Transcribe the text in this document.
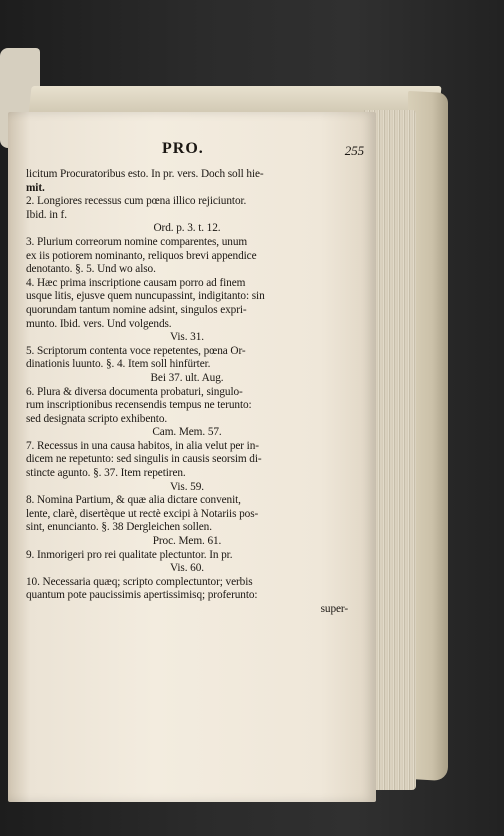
PRO.	255
licitum Procuratoribus esto. In pr. vers. Doch soll hie-
mit.
2. Longiores recessus cum pœna illico rejiciuntor.
Ibid. in f.
Ord. p. 3. t. 12.
3. Plurium correorum nomine comparentes, unum
ex iis potiorem nominanto, reliquos brevi appendice
denotanto. §. 5. Und wo also.
4. Hæc prima inscriptione causam porro ad finem
usque litis, ejusve quem nuncupassint, indigitanto: sin
quorundam tantum nomine adsint, singulos expri-
munto. Ibid. vers. Und volgends.
Vis. 31.
5. Scriptorum contenta voce repetentes, pœna Or-
dinationis luunto. §. 4. Item soll hinfürter.
Bei 37. ult. Aug.
6. Plura & diversa documenta probaturi, singulo-
rum inscriptionibus recensendis tempus ne terunto:
sed designata scripto exhibento.
Cam. Mem. 57.
7. Recessus in una causa habitos, in alia velut per in-
dicem ne repetunto: sed singulis in causis seorsim di-
stincte agunto. §. 37. Item repetiren.
Vis. 59.
8. Nomina Partium, & quæ alia dictare convenit,
lente, clarè, disertèque ut rectè excipi à Notariis pos-
sint, enuncianto. §. 38 Dergleichen sollen.
Proc. Mem. 61.
9. Inmorigeri pro rei qualitate plectuntor. In pr.
Vis. 60.
10. Necessaria quæq; scripto complectuntor; verbis
quantum pote paucissimis apertissimisq; proferunto:
super-
